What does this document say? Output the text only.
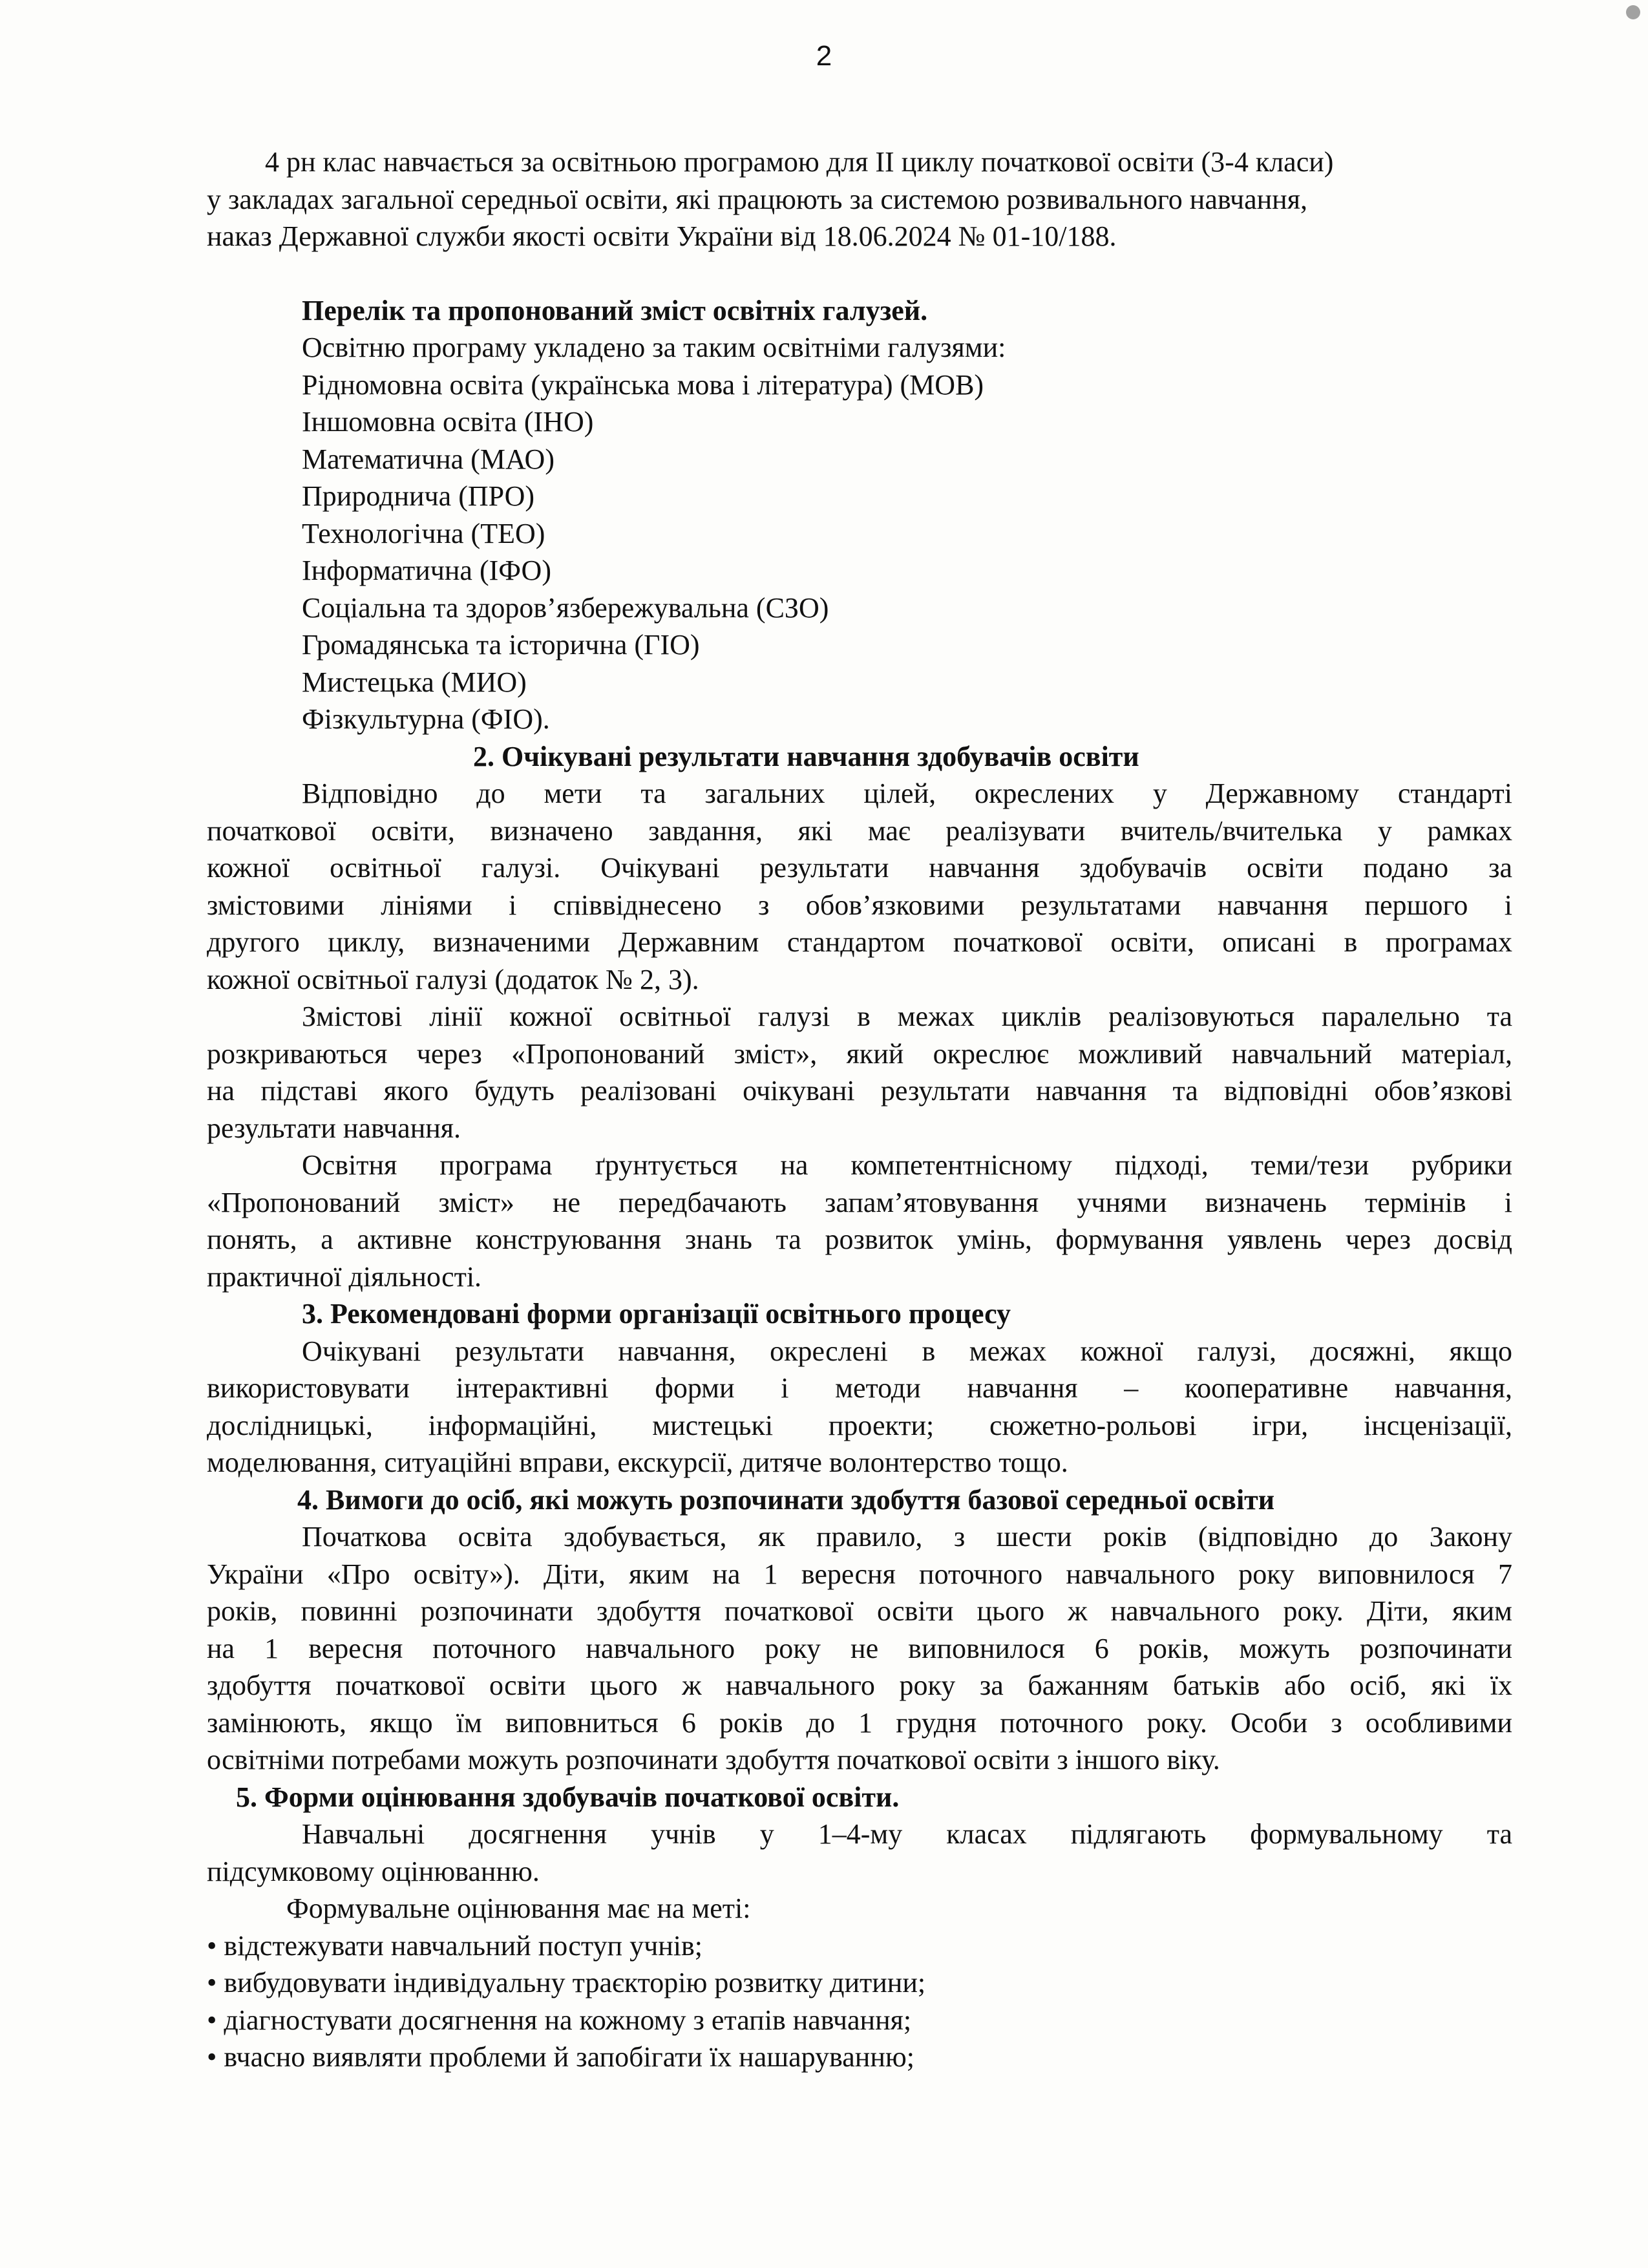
2
4 рн клас навчається за освітньою програмою для ІІ циклу початкової освіти (3-4 класи)
у закладах загальної середньої освіти, які працюють за системою розвивального навчання,
наказ Державної служби якості освіти України від 18.06.2024 № 01-10/188.
Перелік та пропонований зміст освітніх галузей.
Освітню програму укладено за таким освітніми галузями:
Рідномовна освіта (українська мова і література) (МОВ)
Іншомовна освіта (ІНО)
Математична (МАО)
Природнича (ПРО)
Технологічна (ТЕО)
Інформатична (ІФО)
Соціальна та здоров’язбережувальна (СЗО)
Громадянська та історична (ГІО)
Мистецька (МИО)
Фізкультурна (ФІО).
2. Очікувані результати навчання здобувачів освіти
Відповідно до мети та загальних цілей, окреслених у Державному стандарті
початкової освіти, визначено завдання, які має реалізувати вчитель/вчителька у рамках
кожної освітньої галузі. Очікувані результати навчання здобувачів освіти подано за
змістовими лініями і співвіднесено з обов’язковими результатами навчання першого і
другого циклу, визначеними Державним стандартом початкової освіти, описані в програмах
кожної освітньої галузі (додаток № 2, 3).
Змістові лінії кожної освітньої галузі в межах циклів реалізовуються паралельно та
розкриваються через «Пропонований зміст», який окреслює можливий навчальний матеріал,
на підставі якого будуть реалізовані очікувані результати навчання та відповідні обов’язкові
результати навчання.
Освітня програма ґрунтується на компетентнісному підході, теми/тези рубрики
«Пропонований зміст» не передбачають запам’ятовування учнями визначень термінів і
понять, а активне конструювання знань та розвиток умінь, формування уявлень через досвід
практичної діяльності.
3. Рекомендовані форми організації освітнього процесу
Очікувані результати навчання, окреслені в межах кожної галузі, досяжні, якщо
використовувати інтерактивні форми і методи навчання – кооперативне навчання,
дослідницькі, інформаційні, мистецькі проекти; сюжетно-рольові ігри, інсценізації,
моделювання, ситуаційні вправи, екскурсії, дитяче волонтерство тощо.
4. Вимоги до осіб, які можуть розпочинати здобуття базової середньої освіти
Початкова освіта здобувається, як правило, з шести років (відповідно до Закону
України «Про освіту»). Діти, яким на 1 вересня поточного навчального року виповнилося 7
років, повинні розпочинати здобуття початкової освіти цього ж навчального року. Діти, яким
на 1 вересня поточного навчального року не виповнилося 6 років, можуть розпочинати
здобуття початкової освіти цього ж навчального року за бажанням батьків або осіб, які їх
замінюють, якщо їм виповниться 6 років до 1 грудня поточного року. Особи з особливими
освітніми потребами можуть розпочинати здобуття початкової освіти з іншого віку.
5. Форми оцінювання здобувачів початкової освіти.
Навчальні досягнення учнів у 1–4-му класах підлягають формувальному та
підсумковому оцінюванню.
Формувальне оцінювання має на меті:
• відстежувати навчальний поступ учнів;
• вибудовувати індивідуальну траєкторію розвитку дитини;
• діагностувати досягнення на кожному з етапів навчання;
• вчасно виявляти проблеми й запобігати їх нашаруванню;
